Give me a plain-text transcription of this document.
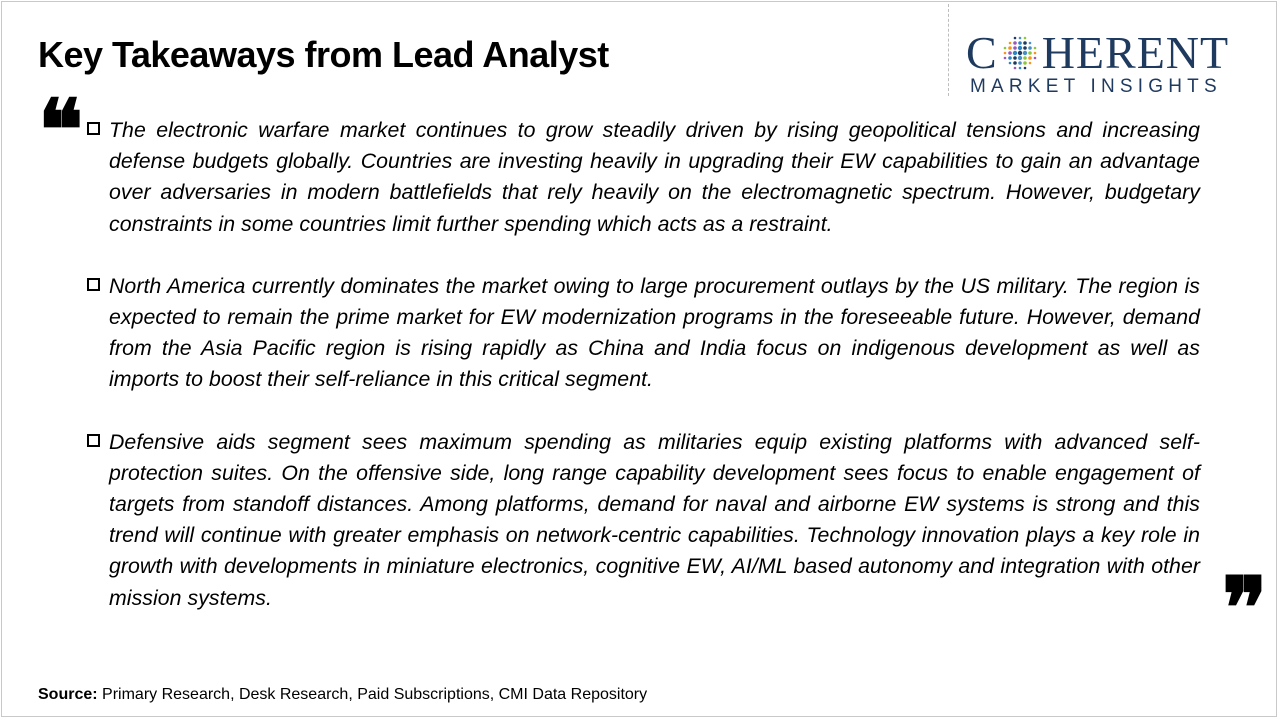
Key Takeaways from Lead Analyst	C HERENT
MARKET INSIGHTS
❝ The electronic warfare market continues to grow steadily driven by rising geopolitical tensions and increasing defense budgets globally. Countries are investing heavily in upgrading their EW capabilities to gain an advantage over adversaries in modern battlefields that rely heavily on the electromagnetic spectrum. However, budgetary constraints in some countries limit further spending which acts as a restraint.
North America currently dominates the market owing to large procurement outlays by the US military. The region is expected to remain the prime market for EW modernization programs in the foreseeable future. However, demand from the Asia Pacific region is rising rapidly as China and India focus on indigenous development as well as imports to boost their self-reliance in this critical segment.
Defensive aids segment sees maximum spending as militaries equip existing platforms with advanced self-protection suites. On the offensive side, long range capability development sees focus to enable engagement of targets from standoff distances. Among platforms, demand for naval and airborne EW systems is strong and this trend will continue with greater emphasis on network-centric capabilities. Technology innovation plays a key role in growth with developments in miniature electronics, cognitive EW, AI/ML based autonomy and integration with other mission systems.	❞
Source: Primary Research, Desk Research, Paid Subscriptions, CMI Data Repository
